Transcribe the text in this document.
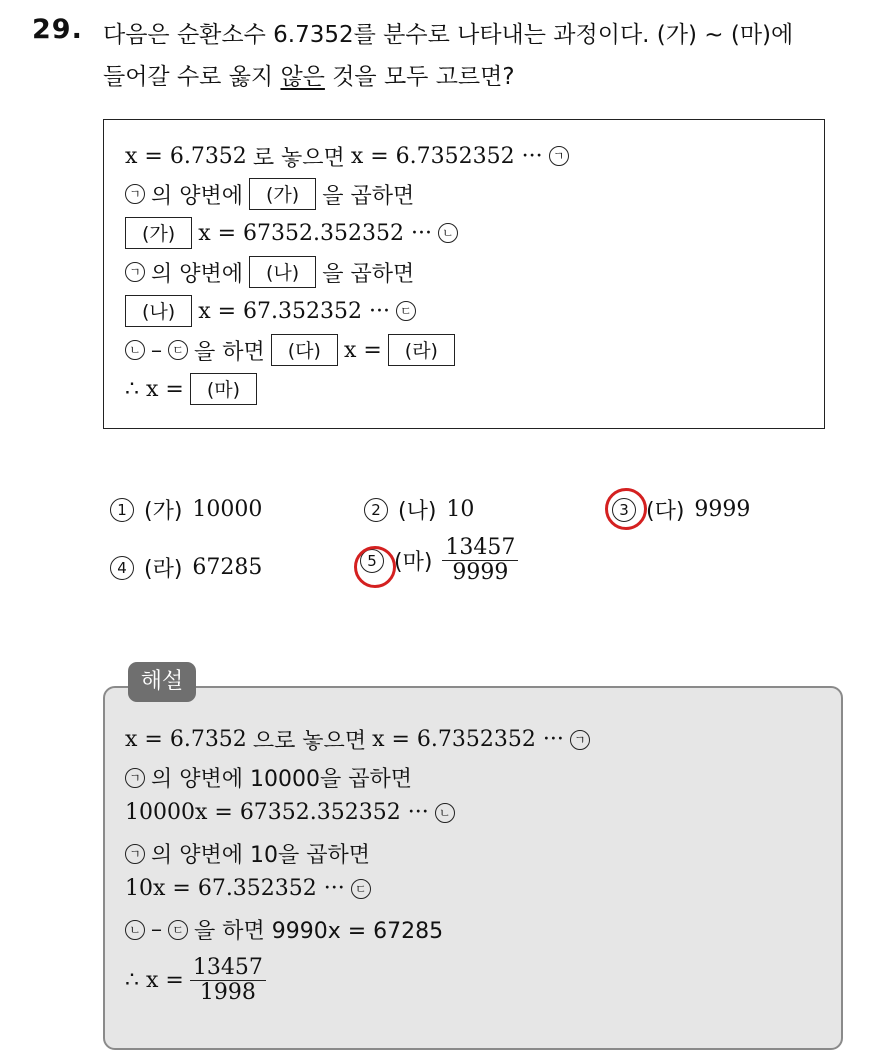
29. 다음은 순환소수 6.7352를 분수로 나타내는 과정이다. (가) ~ (마)에
들어갈 수로 옳지 않은 것을 모두 고르면?
x = 6.7352 로 놓으면 x = 6.7352352 ··· ㄱ
ㄱ 의 양변에	(가)	을 곱하면
(가)	x = 67352.352352 ··· ㄴ
ㄱ 의 양변에	(나)	을 곱하면
(나)	x = 67.352352 ··· ㄷ
ㄴ – ㄷ 을 하면	(다)	x =	(라)
∴ x =	(마)
1 (가) 10000	2 (나) 10	3 (다) 9999
4 (라) 67285	5 (마) $\frac{13457}{9999}$
해설
x = 6.7352 으로 놓으면 x = 6.7352352 ··· ㄱ
ㄱ 의 양변에 10000을 곱하면
10000x = 67352.352352 ··· ㄴ
ㄱ 의 양변에 10을 곱하면
10x = 67.352352 ··· ㄷ
ㄴ – ㄷ 을 하면 9990x = 67285
∴ $x = \frac{13457}{1998}$
